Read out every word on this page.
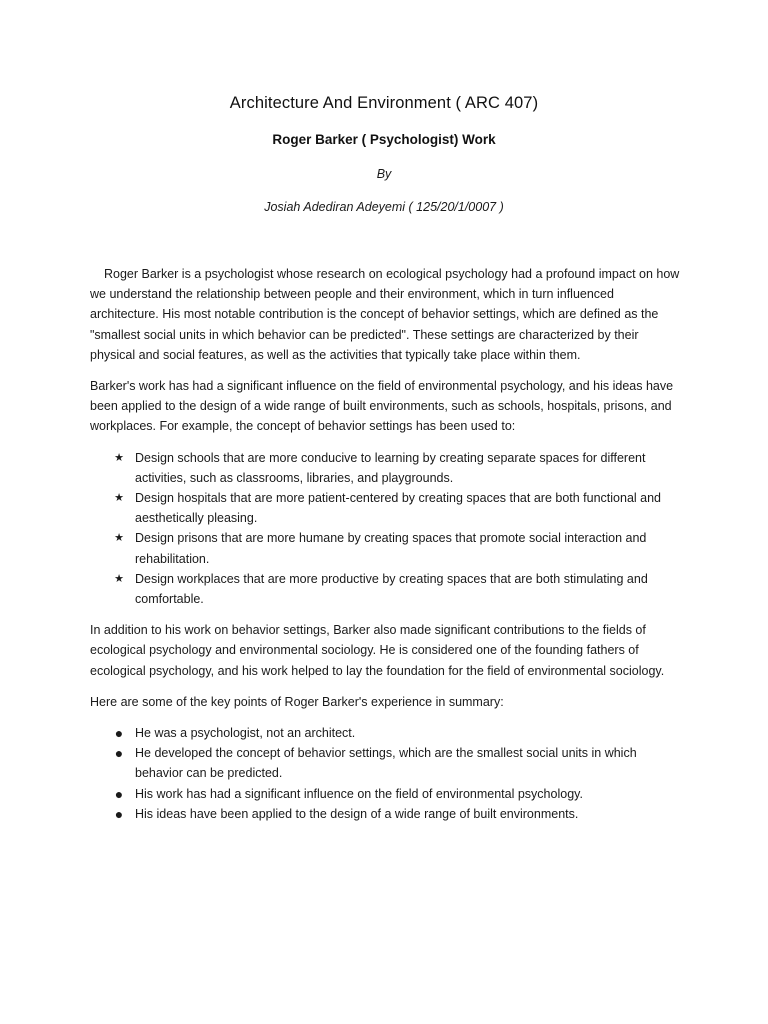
Architecture And Environment ( ARC 407)
Roger Barker ( Psychologist) Work
By
Josiah Adediran Adeyemi ( 125/20/1/0007 )

Roger Barker is a psychologist whose research on ecological psychology had a profound impact on how we understand the relationship between people and their environment, which in turn influenced architecture. His most notable contribution is the concept of behavior settings, which are defined as the "smallest social units in which behavior can be predicted". These settings are characterized by their physical and social features, as well as the activities that typically take place within them.

Barker's work has had a significant influence on the field of environmental psychology, and his ideas have been applied to the design of a wide range of built environments, such as schools, hospitals, prisons, and workplaces. For example, the concept of behavior settings has been used to:

★ Design schools that are more conducive to learning by creating separate spaces for different activities, such as classrooms, libraries, and playgrounds.
★ Design hospitals that are more patient-centered by creating spaces that are both functional and aesthetically pleasing.
★ Design prisons that are more humane by creating spaces that promote social interaction and rehabilitation.
★ Design workplaces that are more productive by creating spaces that are both stimulating and comfortable.

In addition to his work on behavior settings, Barker also made significant contributions to the fields of ecological psychology and environmental sociology. He is considered one of the founding fathers of ecological psychology, and his work helped to lay the foundation for the field of environmental sociology.

Here are some of the key points of Roger Barker's experience in summary:

● He was a psychologist, not an architect.
● He developed the concept of behavior settings, which are the smallest social units in which behavior can be predicted.
● His work has had a significant influence on the field of environmental psychology.
● His ideas have been applied to the design of a wide range of built environments.
